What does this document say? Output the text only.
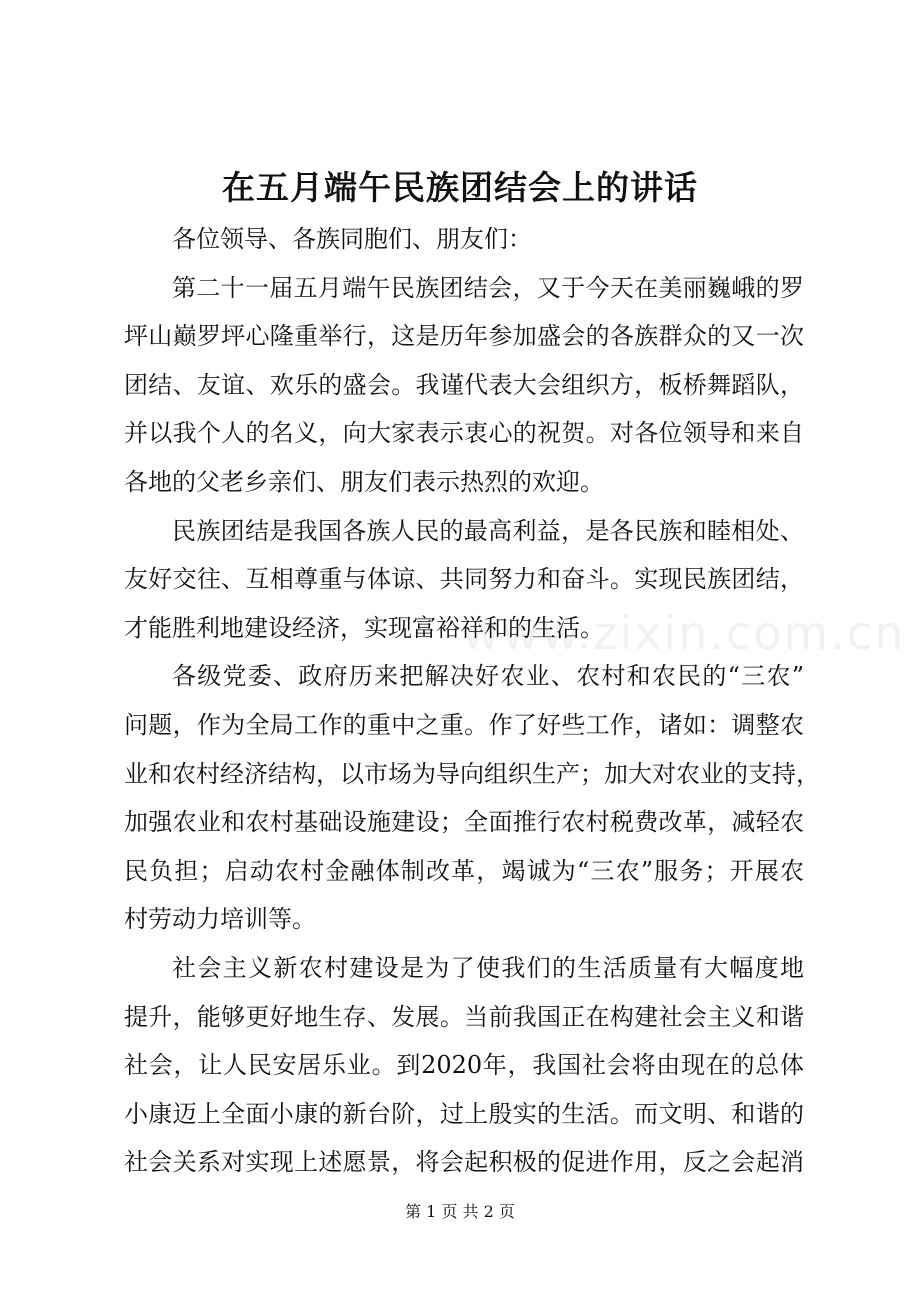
www.zixin.com.cn
在五月端午民族团结会上的讲话
各位领导、各族同胞们、朋友们：
第二十一届五月端午民族团结会，又于今天在美丽巍峨的罗
坪山巅罗坪心隆重举行，这是历年参加盛会的各族群众的又一次
团结、友谊、欢乐的盛会。我谨代表大会组织方，板桥舞蹈队，
并以我个人的名义，向大家表示衷心的祝贺。对各位领导和来自
各地的父老乡亲们、朋友们表示热烈的欢迎。
民族团结是我国各族人民的最高利益，是各民族和睦相处、
友好交往、互相尊重与体谅、共同努力和奋斗。实现民族团结，
才能胜利地建设经济，实现富裕祥和的生活。
各级党委、政府历来把解决好农业、农村和农民的“三农”
问题，作为全局工作的重中之重。作了好些工作，诸如：调整农
业和农村经济结构，以市场为导向组织生产；加大对农业的支持，
加强农业和农村基础设施建设；全面推行农村税费改革，减轻农
民负担；启动农村金融体制改革，竭诚为“三农”服务；开展农
村劳动力培训等。
社会主义新农村建设是为了使我们的生活质量有大幅度地
提升，能够更好地生存、发展。当前我国正在构建社会主义和谐
社会，让人民安居乐业。到2020年，我国社会将由现在的总体
小康迈上全面小康的新台阶，过上殷实的生活。而文明、和谐的
社会关系对实现上述愿景，将会起积极的促进作用，反之会起消
第 1 页 共 2 页
